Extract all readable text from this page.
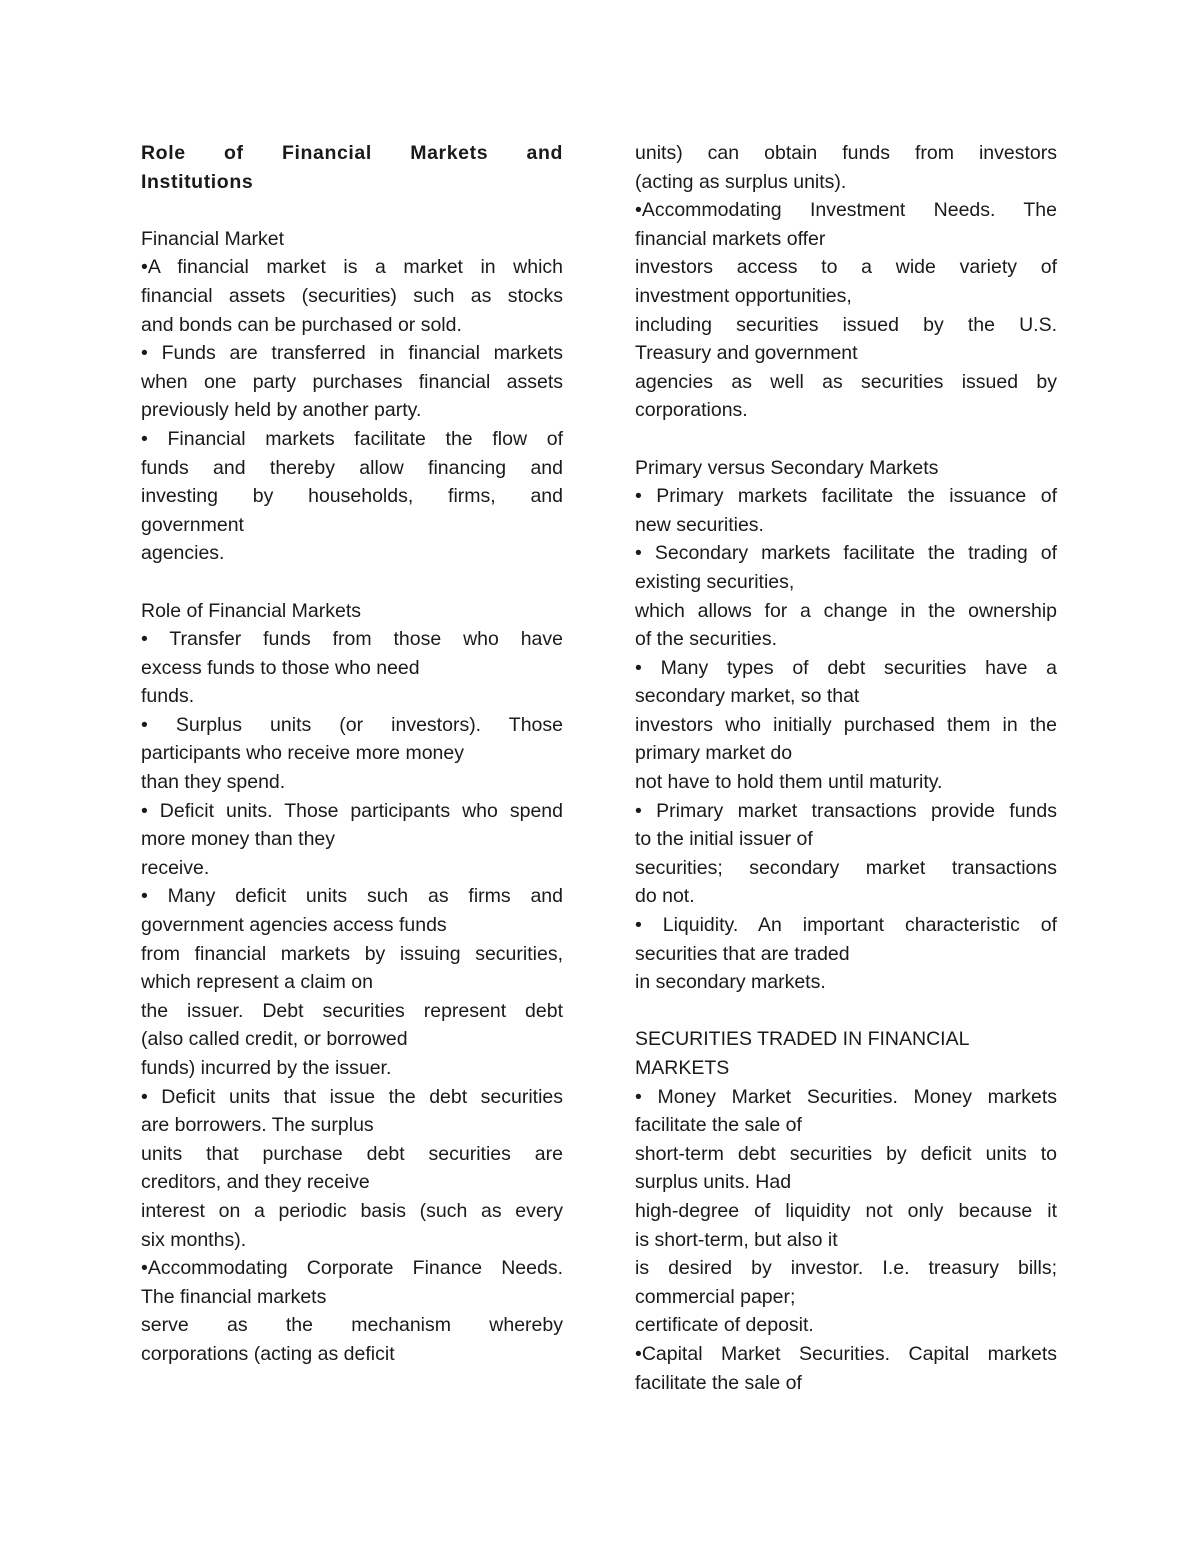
Role of Financial Markets and
Institutions
Financial Market
•A financial market is a market in which
financial assets (securities) such as stocks
and bonds can be purchased or sold.
• Funds are transferred in financial markets
when one party purchases financial assets
previously held by another party.
• Financial markets facilitate the flow of
funds and thereby allow financing and
investing by households, firms, and
government
agencies.
Role of Financial Markets
• Transfer funds from those who have
excess funds to those who need
funds.
• Surplus units (or investors). Those
participants who receive more money
than they spend.
• Deficit units. Those participants who spend
more money than they
receive.
• Many deficit units such as firms and
government agencies access funds
from financial markets by issuing securities,
which represent a claim on
the issuer. Debt securities represent debt
(also called credit, or borrowed
funds) incurred by the issuer.
• Deficit units that issue the debt securities
are borrowers. The surplus
units that purchase debt securities are
creditors, and they receive
interest on a periodic basis (such as every
six months).
•Accommodating Corporate Finance Needs.
The financial markets
serve as the mechanism whereby
corporations (acting as deficit
units) can obtain funds from investors
(acting as surplus units).
•Accommodating Investment Needs. The
financial markets offer
investors access to a wide variety of
investment opportunities,
including securities issued by the U.S.
Treasury and government
agencies as well as securities issued by
corporations.
Primary versus Secondary Markets
• Primary markets facilitate the issuance of
new securities.
• Secondary markets facilitate the trading of
existing securities,
which allows for a change in the ownership
of the securities.
• Many types of debt securities have a
secondary market, so that
investors who initially purchased them in the
primary market do
not have to hold them until maturity.
• Primary market transactions provide funds
to the initial issuer of
securities; secondary market transactions
do not.
• Liquidity. An important characteristic of
securities that are traded
in secondary markets.
SECURITIES TRADED IN FINANCIAL
MARKETS
• Money Market Securities. Money markets
facilitate the sale of
short-term debt securities by deficit units to
surplus units. Had
high-degree of liquidity not only because it
is short-term, but also it
is desired by investor. I.e. treasury bills;
commercial paper;
certificate of deposit.
•Capital Market Securities. Capital markets
facilitate the sale of
